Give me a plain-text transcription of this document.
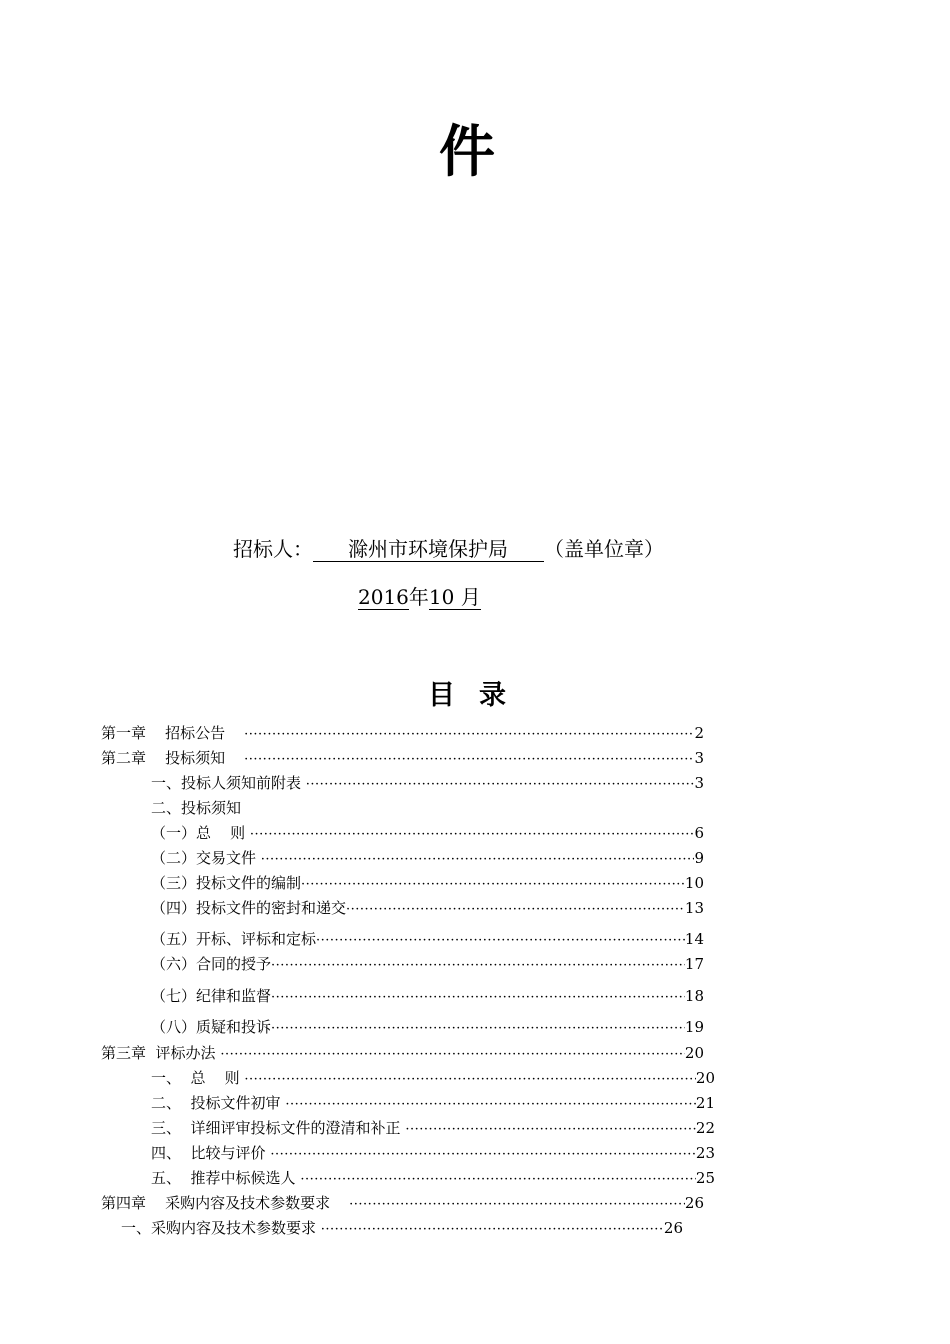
件
招标人： 滁州市环境保护局 （盖单位章）
2016年10 月
目录
第一章    招标公告 ·····	2
第二章    投标须知 ·····	3
一、投标人须知前附表 ·····	3
二、投标须知
（一）总    则 ·····	6
（二）交易文件 ·····	9
（三）投标文件的编制 ·····	10
（四）投标文件的密封和递交 ·····	13
（五）开标、评标和定标 ·····	14
（六）合同的授予 ·····	17
（七）纪律和监督 ·····	18
（八）质疑和投诉 ·····	19
第三章  评标办法 ·····	20
一、  总    则 ·····	20
二、  投标文件初审 ·····	21
三、  详细评审投标文件的澄清和补正 ·····	22
四、  比较与评价 ·····	23
五、  推荐中标候选人 ·····	25
第四章    采购内容及技术参数要求 ·····	26
一、采购内容及技术参数要求 ·····	26
